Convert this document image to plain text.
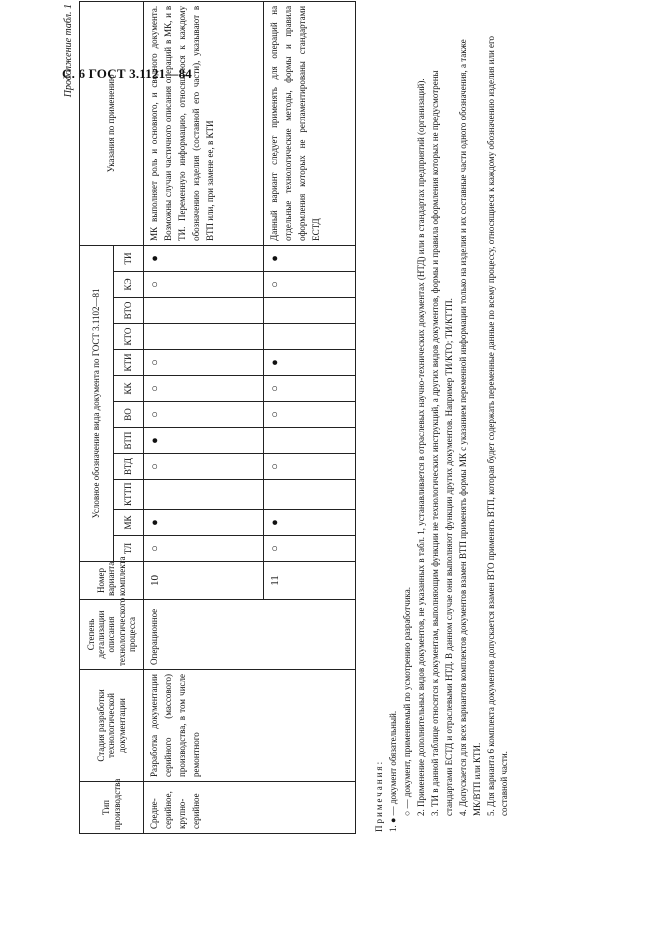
С. 6 ГОСТ 3.1121—84
Продолжение табл. 1
Тип производства	Стадия разработки технологической документации	Степень детализации описания технологического процесса	Номер варианта комплекта	Условное обозначение вида документа по ГОСТ 3.1102—81												Указания по применению
				ТЛ	МК	КТТП	ВТД	ВТП	ВО	КК	КТИ	КТО	ВТО	КЭ	ТИ	
Средне-серийное, крупно-серийное	Разработка документации серийного (массового) производства, в том числе ремонтного	Операционное	10	○	●		○	●	○	○	○			○	●	МК выполняет роль и основного, и сводного документа. Возможны случаи частичного описания операций в МК, и в ТИ. Переменную информацию, относящуюся к каждому обозначению изделия (составной его части), указывают в ВТП или, при замене ее, в КТИ
			11	○	●		○		○	○	●			○	●	Данный вариант следует применять для операций на отдельные технологические методы, формы и правила оформления которых не регламентированы стандартами ЕСТД

Примечания: 1. ● — документ обязательный. ○ — документ, применяемый по усмотрению разработчика. 2. Применение дополнительных видов документов, не указанных в табл. 1, устанавливается в отраслевых научно-технических документах (НТД) или в стандартах предприятий (организаций). 3. ТИ в данной таблице относятся к документам, выполняющим функции не технологических инструкций, а других видов документов, формы и правила оформления которых не предусмотрены стандартами ЕСТД и отраслевыми НТД. В данном случае они выполняют функции других документов. Например ТИ/КТО; ТИ/КТТП. 4. Допускается для всех вариантов комплектов документов взамен ВТП применять формы МК с указанием переменной информации только на изделия и их составные части одного обозначения, а также МК/ВТП или КТИ. 5. Для варианта 6 комплекта документов допускается взамен ВТО применять ВТП, которая будет содержать переменные данные по всему процессу, относящиеся к каждому обозначению изделия или его составной части.
